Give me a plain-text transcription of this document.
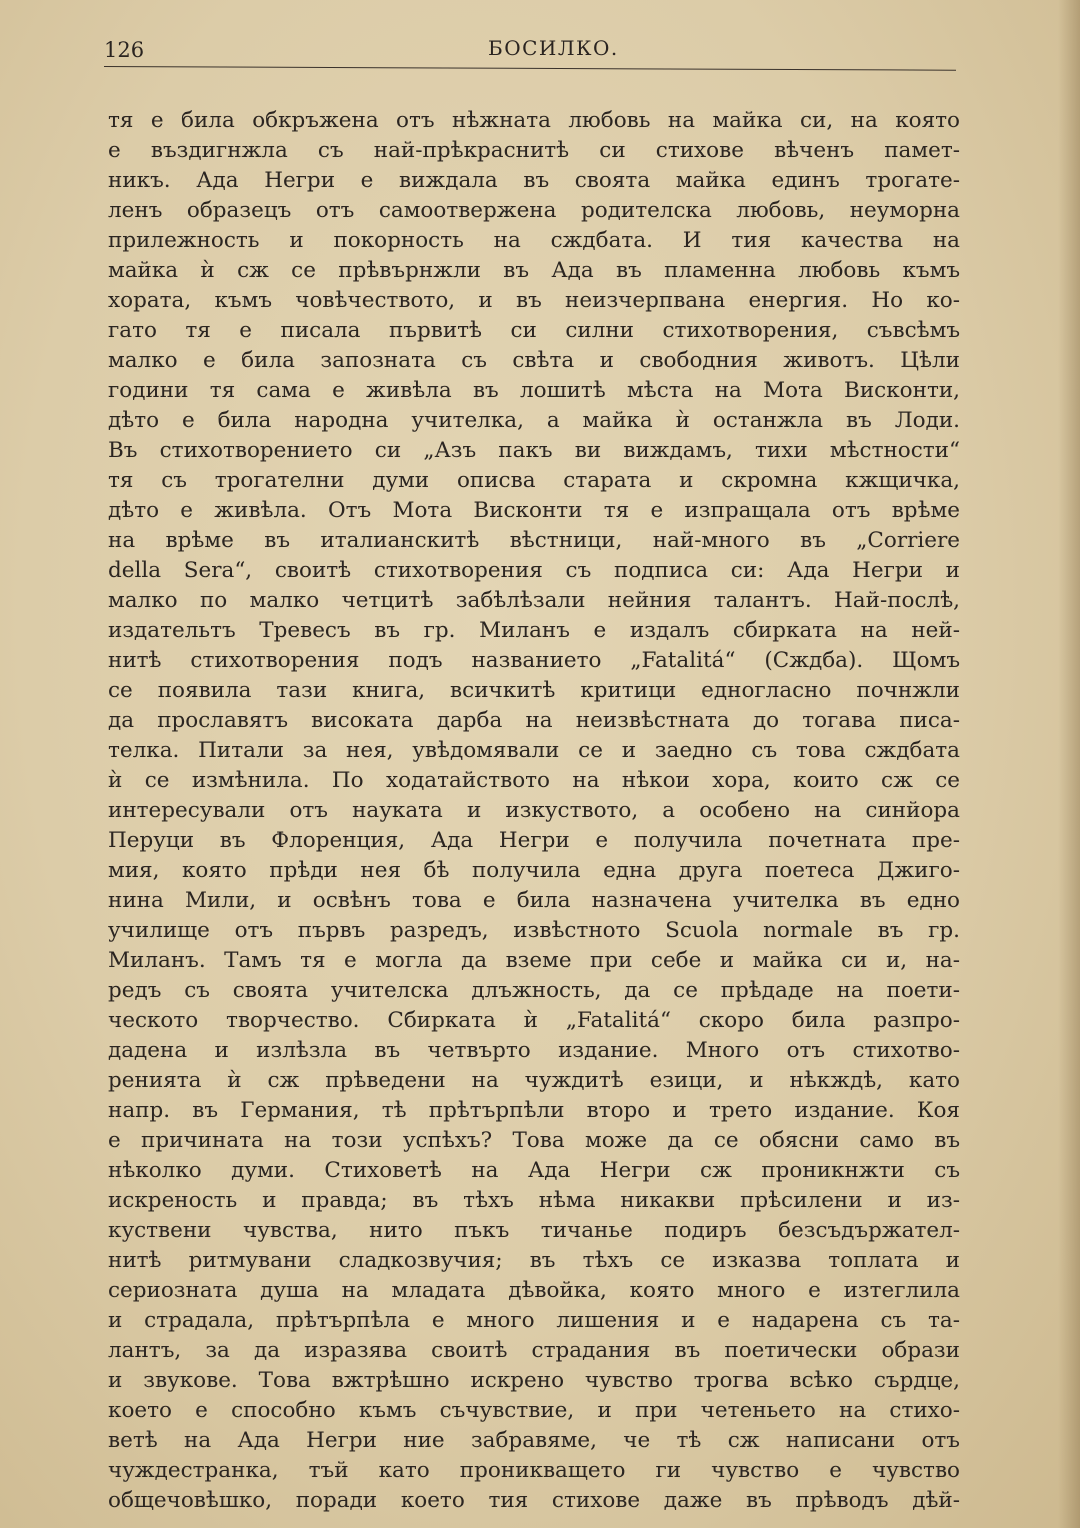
126	БОСИЛКО.
тя е била обкръжена отъ нѣжната любовь на майка си, на която
е въздигнжла съ най-прѣкраснитѣ си стихове вѣченъ памет-
никъ. Ада Негри е виждала въ своята майка единъ трогате-
ленъ образецъ отъ самоотвержена родителска любовь, неуморна
прилежность и покорность на сждбата. И тия качества на
майка ѝ сж се прѣвърнжли въ Ада въ пламенна любовь къмъ
хората, къмъ човѣчеството, и въ неизчерпвана енергия. Но ко-
гато тя е писала първитѣ си силни стихотворения, съвсѣмъ
малко е била запозната съ свѣта и свободния животъ. Цѣли
години тя сама е живѣла въ лошитѣ мѣста на Мота Висконти,
дѣто е била народна учителка, а майка ѝ останжла въ Лоди.
Въ стихотворението си „Азъ пакъ ви виждамъ, тихи мѣстности“
тя съ трогателни думи описва старата и скромна кжщичка,
дѣто е живѣла. Отъ Мота Висконти тя е изпращала отъ врѣме
на врѣме въ италианскитѣ вѣстници, най-много въ „Corriere
della Sera“, своитѣ стихотворения съ подписа си: Ада Негри и
малко по малко четцитѣ забѣлѣзали нейния талантъ. Най-послѣ,
издательтъ Тревесъ въ гр. Миланъ е издалъ сбирката на ней-
нитѣ стихотворения подъ названието „Fatalitá“ (Сждба). Щомъ
се появила тази книга, всичкитѣ критици едногласно почнжли
да прославятъ високата дарба на неизвѣстната до тогава писа-
телка. Питали за нея, увѣдомявали се и заедно съ това сждбата
ѝ се измѣнила. По ходатайството на нѣкои хора, които сж се
интересували отъ науката и изкуството, а особено на синйора
Перуци въ Флоренция, Ада Негри е получила почетната пре-
мия, която прѣди нея бѣ получила една друга поетеса Джиго-
нина Мили, и освѣнъ това е била назначена учителка въ едно
училище отъ първъ разредъ, извѣстното Scuola normale въ гр.
Миланъ. Тамъ тя е могла да вземе при себе и майка си и, на-
редъ съ своята учителска длъжность, да се прѣдаде на поети-
ческото творчество. Сбирката ѝ „Fatalitá“ скоро била разпро-
дадена и излѣзла въ четвърто издание. Много отъ стихотво-
ренията ѝ сж прѣведени на чуждитѣ езици, и нѣкждѣ, като
напр. въ Германия, тѣ прѣтърпѣли второ и трето издание. Коя
е причината на този успѣхъ? Това може да се обясни само въ
нѣколко думи. Стиховетѣ на Ада Негри сж проникнжти съ
искреность и правда; въ тѣхъ нѣма никакви прѣсилени и из-
куствени чувства, нито пъкъ тичанье подиръ безсъдържател-
нитѣ ритмувани сладкозвучия; въ тѣхъ се изказва топлата и
сериозната душа на младата дѣвойка, която много е изтеглила
и страдала, прѣтърпѣла е много лишения и е надарена съ та-
лантъ, за да изразява своитѣ страдания въ поетически образи
и звукове. Това вжтрѣшно искрено чувство трогва всѣко сърдце,
което е способно къмъ съчувствие, и при четеньето на стихо-
ветѣ на Ада Негри ние забравяме, че тѣ сж написани отъ
чуждестранка, тъй като проникващето ги чувство е чувство
общечовѣшко, поради което тия стихове даже въ прѣводъ дѣй-
